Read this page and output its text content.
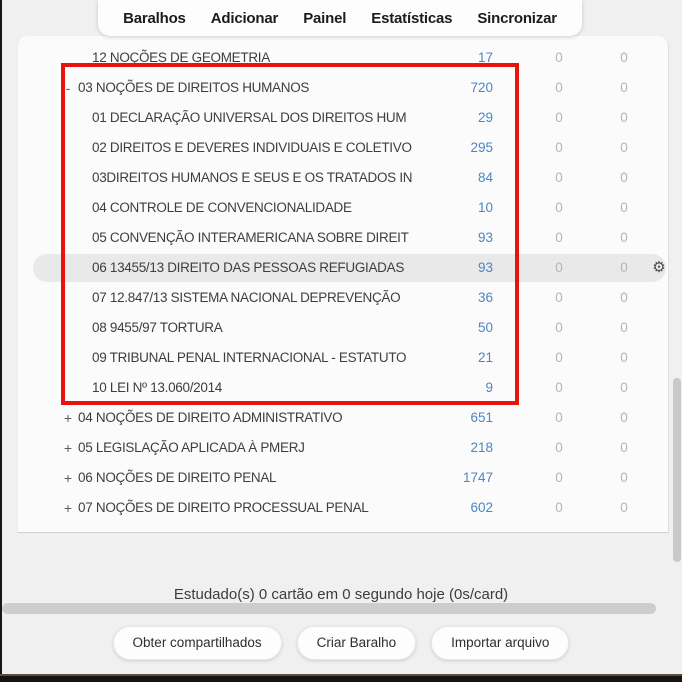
Baralhos Adicionar Painel Estatísticas Sincronizar
12 NOÇÕES DE GEOMETRIA	17	0	0
- 03 NOÇÕES DE DIREITOS HUMANOS	720	0	0
01 DECLARAÇÃO UNIVERSAL DOS DIREITOS HUM	29	0	0
02 DIREITOS E DEVERES INDIVIDUAIS E COLETIVO	295	0	0
03DIREITOS HUMANOS E SEUS E OS TRATADOS IN	84	0	0
04 CONTROLE DE CONVENCIONALIDADE	10	0	0
05 CONVENÇÃO INTERAMERICANA SOBRE DIREIT	93	0	0
06 13455/13 DIREITO DAS PESSOAS REFUGIADAS	93	0	0	⚙
07 12.847/13 SISTEMA NACIONAL DEPREVENÇÃO	36	0	0
08 9455/97 TORTURA	50	0	0
09 TRIBUNAL PENAL INTERNACIONAL - ESTATUTO	21	0	0
10 LEI Nº 13.060/2014	9	0	0
+ 04 NOÇÕES DE DIREITO ADMINISTRATIVO	651	0	0
+ 05 LEGISLAÇÃO APLICADA À PMERJ	218	0	0
+ 06 NOÇÕES DE DIREITO PENAL	1747	0	0
+ 07 NOÇÕES DE DIREITO PROCESSUAL PENAL	602	0	0
Estudado(s) 0 cartão em 0 segundo hoje (0s/card)
Obter compartilhados	Criar Baralho	Importar arquivo
